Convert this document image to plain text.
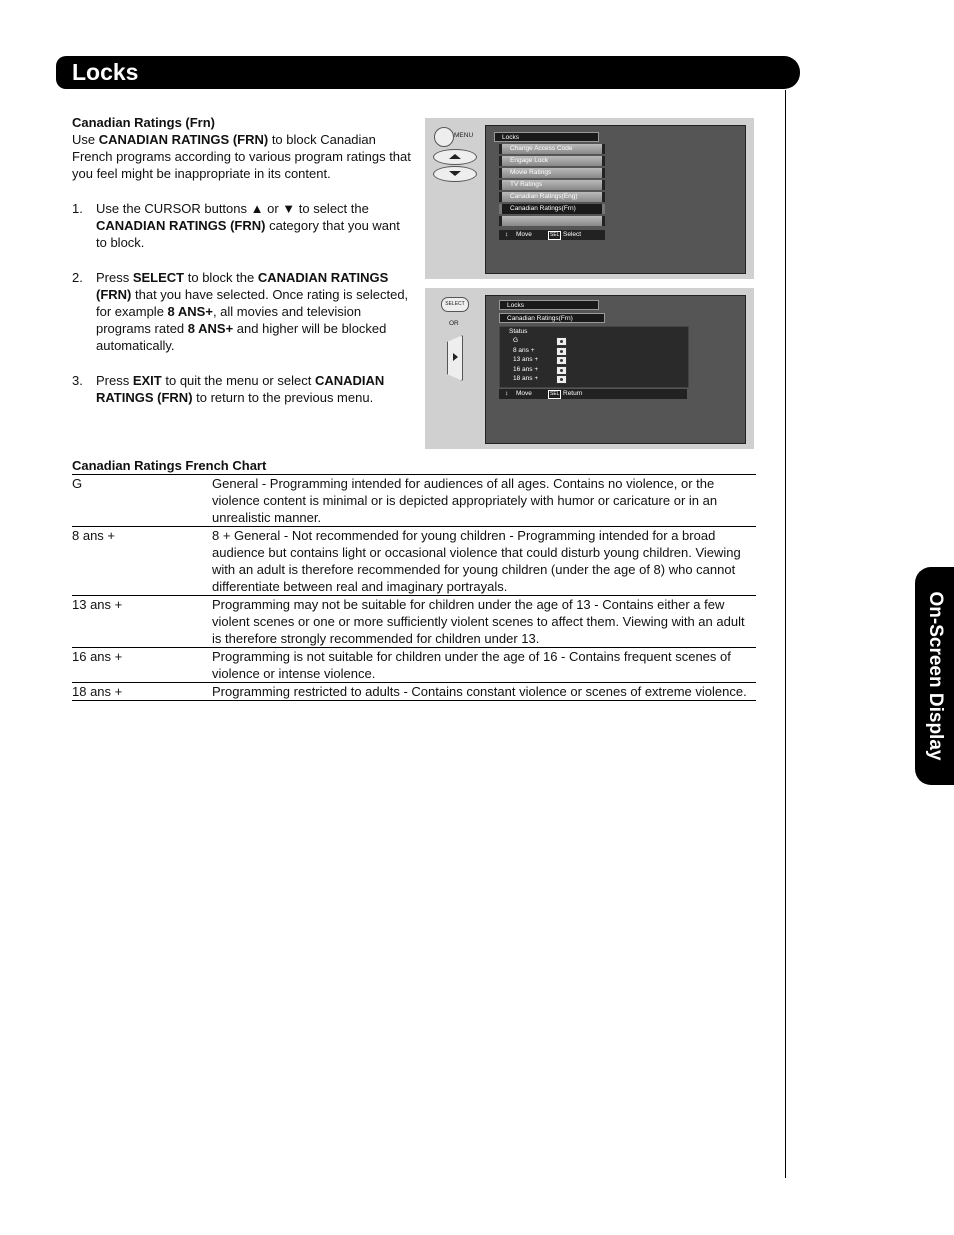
Locks
On-Screen Display
Canadian Ratings (Frn)

Use CANADIAN RATINGS (FRN) to block Canadian French programs according to various program ratings that you feel might be inappropriate in its content.

1. Use the CURSOR buttons ▲ or ▼ to select the CANADIAN RATINGS (FRN) category that you want to block.
2. Press SELECT to block the CANADIAN RATINGS (FRN) that you have selected. Once rating is selected, for example 8 ANS+, all movies and television programs rated 8 ANS+ and higher will be blocked automatically.
3. Press EXIT to quit the menu or select CANADIAN RATINGS (FRN) to return to the previous menu.
MENU	Locks
Change Access Code
Engage Lock
Movie Ratings
TV Ratings
Canadian Ratings(Eng)
Canadian Ratings(Frn)
↕ Move	SEL Select
SELECT
OR
Locks
Canadian Ratings(Frn)
Status
G
8 ans +
13 ans +
16 ans +
18 ans +
↕ Move	SEL Return
Canadian Ratings French Chart
G	General - Programming intended for audiences of all ages. Contains no violence, or the violence content is minimal or is depicted appropriately with humor or caricature or in an unrealistic manner.
8 ans +	8 + General - Not recommended for young children - Programming intended for a broad audience but contains light or occasional violence that could disturb young children. Viewing with an adult is therefore recommended for young children (under the age of 8) who cannot differentiate between real and imaginary portrayals.
13 ans +	Programming may not be suitable for children under the age of 13 - Contains either a few violent scenes or one or more sufficiently violent scenes to affect them. Viewing with an adult is therefore strongly recommended for children under 13.
16 ans +	Programming is not suitable for children under the age of 16 - Contains frequent scenes of violence or intense violence.
18 ans +	Programming restricted to adults - Contains constant violence or scenes of extreme violence.
